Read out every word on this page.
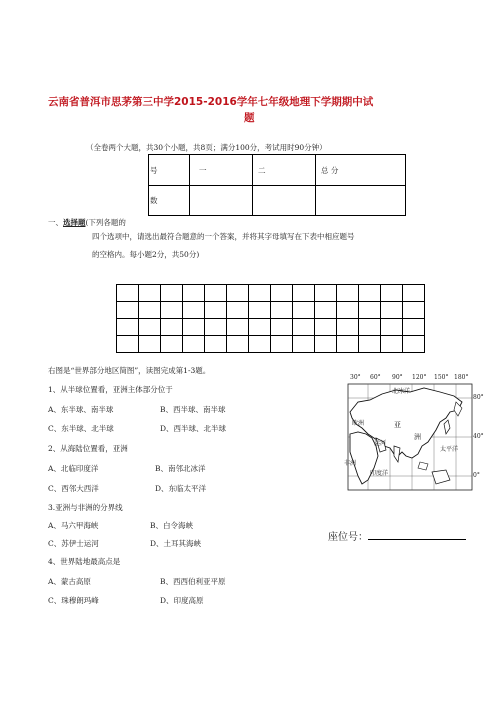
云南省普洱市思茅第三中学2015-2016学年七年级地理下学期期中试
题
（全卷两个大题，共30个小题，共8页；满分100分，考试用时90分钟）
号	一	二	总 分
数			
一、选择题(下列各题的
四个选项中，请选出最符合题意的一个答案，并将其字母填写在下表中相应题号
的空格内。每小题2分，共50分)

右图是“世界部分地区简图”，读图完成第1-3题。
1、从半球位置看，亚洲主体部分位于
A、东半球、南半球	B、西半球、南半球
C、东半球、北半球	D、西半球、北半球
2、从海陆位置看，亚洲
A、北临印度洋	B、南邻北冰洋
C、西邻大西洋	D、东临太平洋
3.亚洲与非洲的分界线
A、马六甲海峡	B、白令海峡
C、苏伊士运河	D、土耳其海峡
4、世界陆地最高点是
A、蒙古高原	B、西西伯利亚平原
C、珠穆朗玛峰	D、印度高原
30° 60° 90° 120° 150° 180°
80°
40°
0°
北冰洋
欧洲	亚
洲
太平洋
非洲
运河
印度洋
座位号：
